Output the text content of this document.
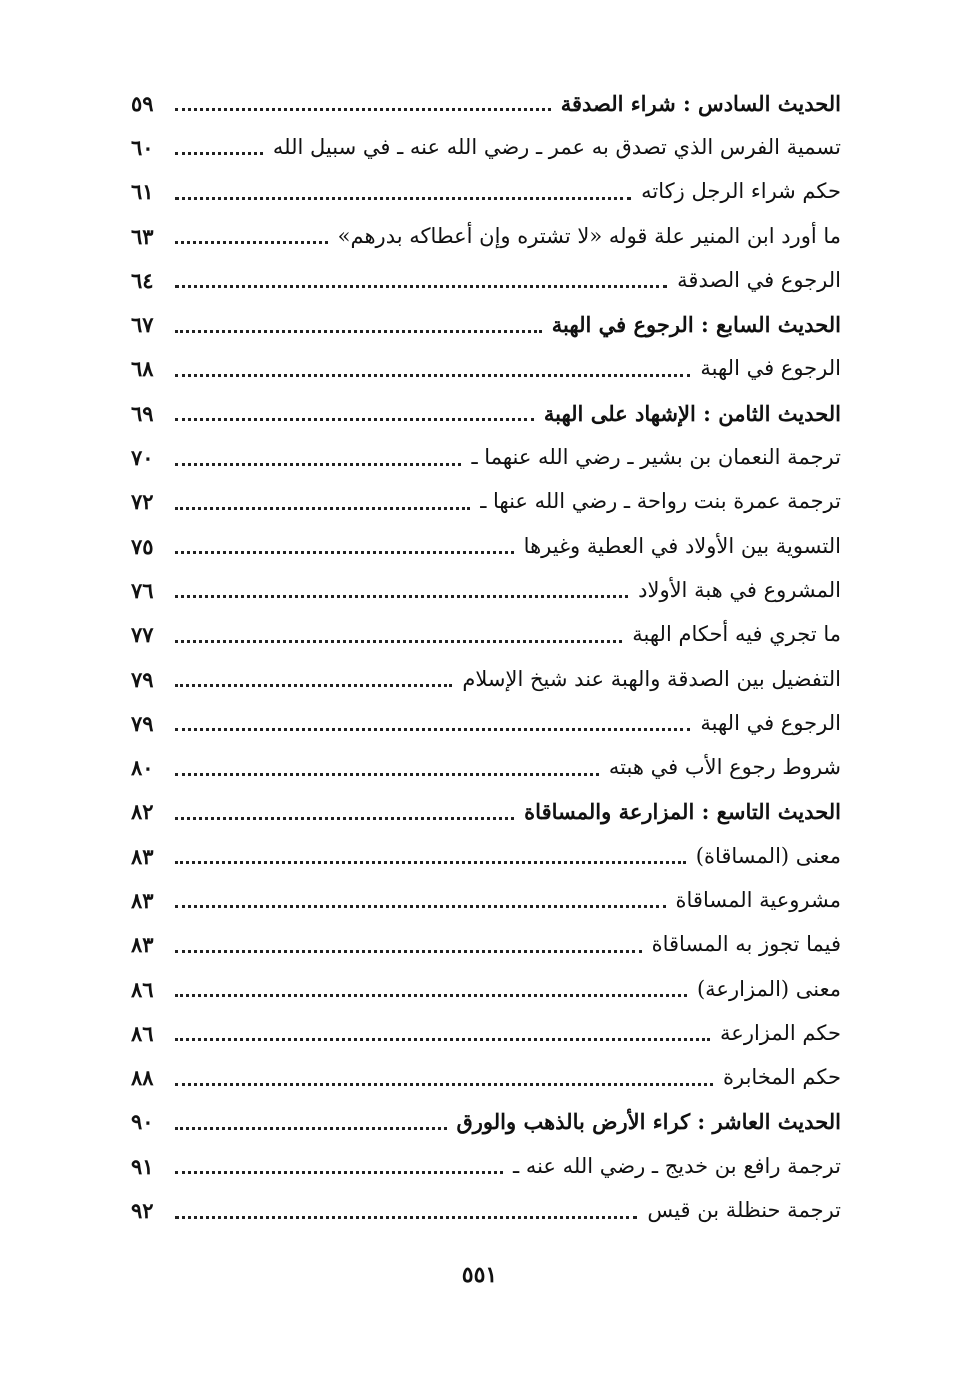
الحديث السادس : شراء الصدقة
٥٩
تسمية الفرس الذي تصدق به عمر ـ رضي الله عنه ـ في سبيل الله
٦٠
حكم شراء الرجل زكاته
٦١
ما أورد ابن المنير علة قوله «لا تشتره وإن أعطاكه بدرهم»
٦٣
الرجوع في الصدقة
٦٤
الحديث السابع : الرجوع في الهبة
٦٧
الرجوع في الهبة
٦٨
الحديث الثامن : الإشهاد على الهبة
٦٩
ترجمة النعمان بن بشير ـ رضي الله عنهما ـ
٧٠
ترجمة عمرة بنت رواحة ـ رضي الله عنها ـ
٧٢
التسوية بين الأولاد في العطية وغيرها
٧٥
المشروع في هبة الأولاد
٧٦
ما تجري فيه أحكام الهبة
٧٧
التفضيل بين الصدقة والهبة عند شيخ الإسلام
٧٩
الرجوع في الهبة
٧٩
شروط رجوع الأب في هبته
٨٠
الحديث التاسع : المزارعة والمساقاة
٨٢
معنى (المساقاة)
٨٣
مشروعية المساقاة
٨٣
فيما تجوز به المساقاة
٨٣
معنى (المزارعة)
٨٦
حكم المزارعة
٨٦
حكم المخابرة
٨٨
الحديث العاشر : كراء الأرض بالذهب والورق
٩٠
ترجمة رافع بن خديج ـ رضي الله عنه ـ
٩١
ترجمة حنظلة بن قيس
٩٢
٥٥١
